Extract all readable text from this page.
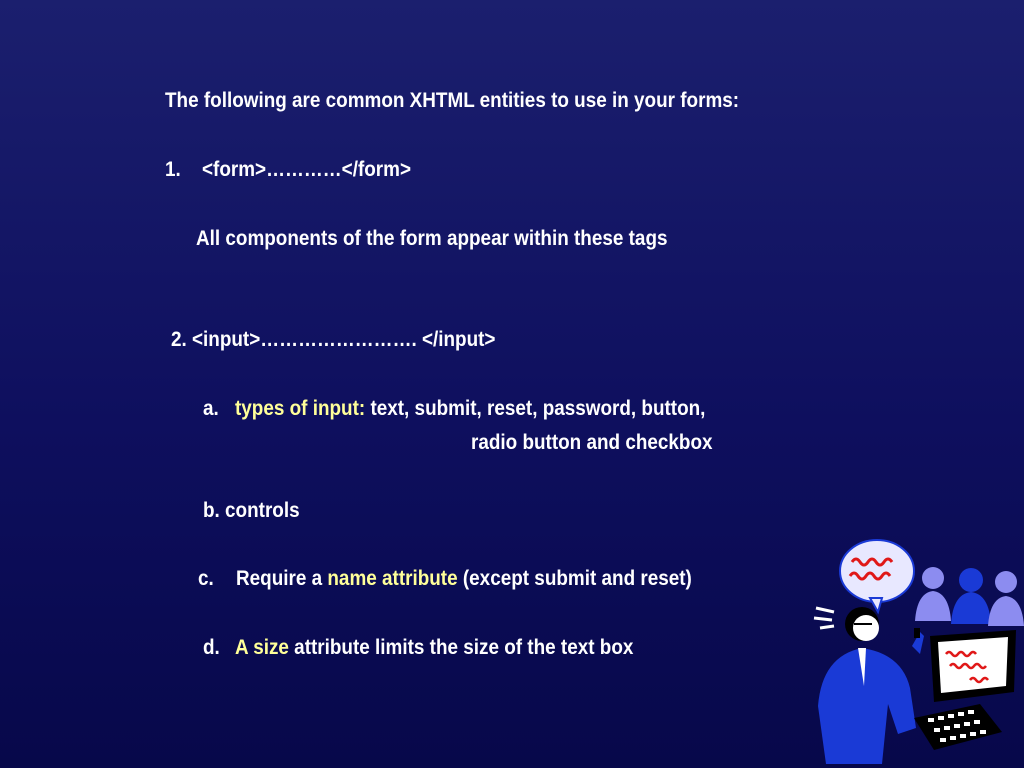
The following are common XHTML entities to use in your forms:
1. <form>…………</form>
All components of the form appear within these tags
2. <input>……………………. </input>
a. types of input: text, submit, reset, password, button,
radio button and checkbox
b. controls
c. Require a name attribute (except submit and reset)
d. A size attribute limits the size of the text box
